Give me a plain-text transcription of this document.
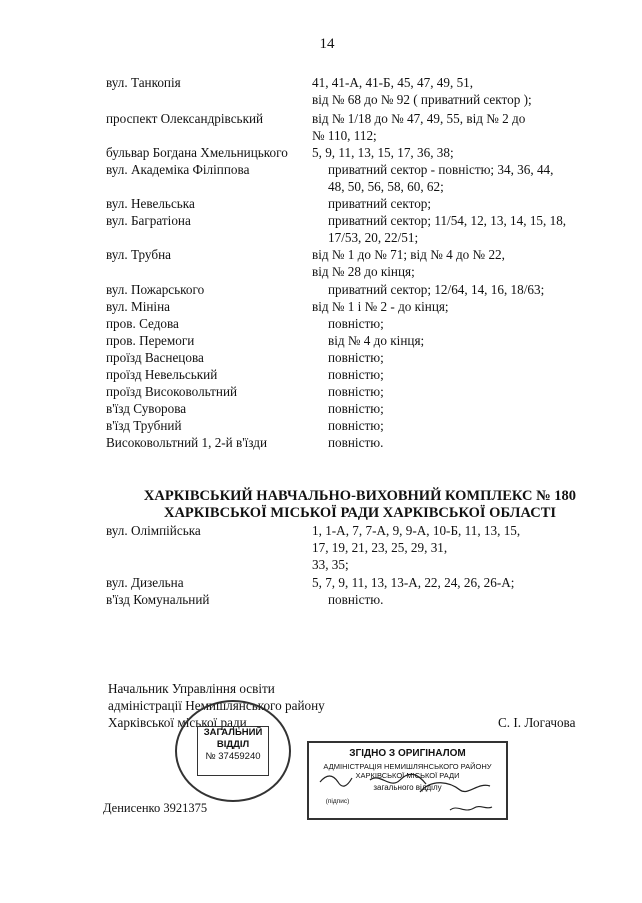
14
вул. Танкопія	41, 41-А, 41-Б, 45, 47, 49, 51,
від № 68 до № 92 ( приватний сектор );
проспект Олександрівський	від № 1/18 до № 47, 49, 55, від № 2 до
№ 110, 112;
бульвар Богдана Хмельницького 5, 9, 11, 13, 15, 17, 36, 38;
вул. Академіка Філіппова	приватний сектор - повністю; 34, 36, 44,
48, 50, 56, 58, 60, 62;
вул. Невельська	приватний сектор;
вул. Багратіона	приватний сектор; 11/54, 12, 13, 14, 15, 18,
17/53, 20, 22/51;
вул. Трубна	від № 1 до № 71; від № 4 до № 22,
від № 28 до кінця;
вул. Пожарського	приватний сектор; 12/64, 14, 16, 18/63;
вул. Мініна	від № 1 і № 2 - до кінця;
пров. Седова	повністю;
пров. Перемоги	від № 4 до кінця;
проїзд Васнецова	повністю;
проїзд Невельський	повністю;
проїзд Високовольтний	повністю;
в'їзд Суворова	повністю;
в'їзд Трубний	повністю;
Високовольтний 1, 2-й в'їзди	повністю.
ХАРКІВСЬКИЙ НАВЧАЛЬНО-ВИХОВНИЙ КОМПЛЕКС № 180
ХАРКІВСЬКОЇ МІСЬКОЇ РАДИ ХАРКІВСЬКОЇ ОБЛАСТІ
вул. Олімпійська	1, 1-А, 7, 7-А, 9, 9-А, 10-Б, 11, 13, 15,
17, 19, 21, 23, 25, 29, 31,
33, 35;
вул. Дизельна	5, 7, 9, 11, 13, 13-А, 22, 24, 26, 26-А;
в'їзд Комунальний	повністю.
Начальник Управління освіти
адміністрації Немишлянського району
Харківської міської ради	С. І. Логачова
ЗАГАЛЬНИЙ
ВІДДІЛ
№ 37459240	ЗГІДНО З ОРИГІНАЛОМ
АДМІНІСТРАЦІЯ НЕМИШЛЯНСЬКОГО РАЙОНУ
ХАРКІВСЬКОЇ МІСЬКОЇ РАДИ
загального відділу
(підпис)
Денисенко 3921375
